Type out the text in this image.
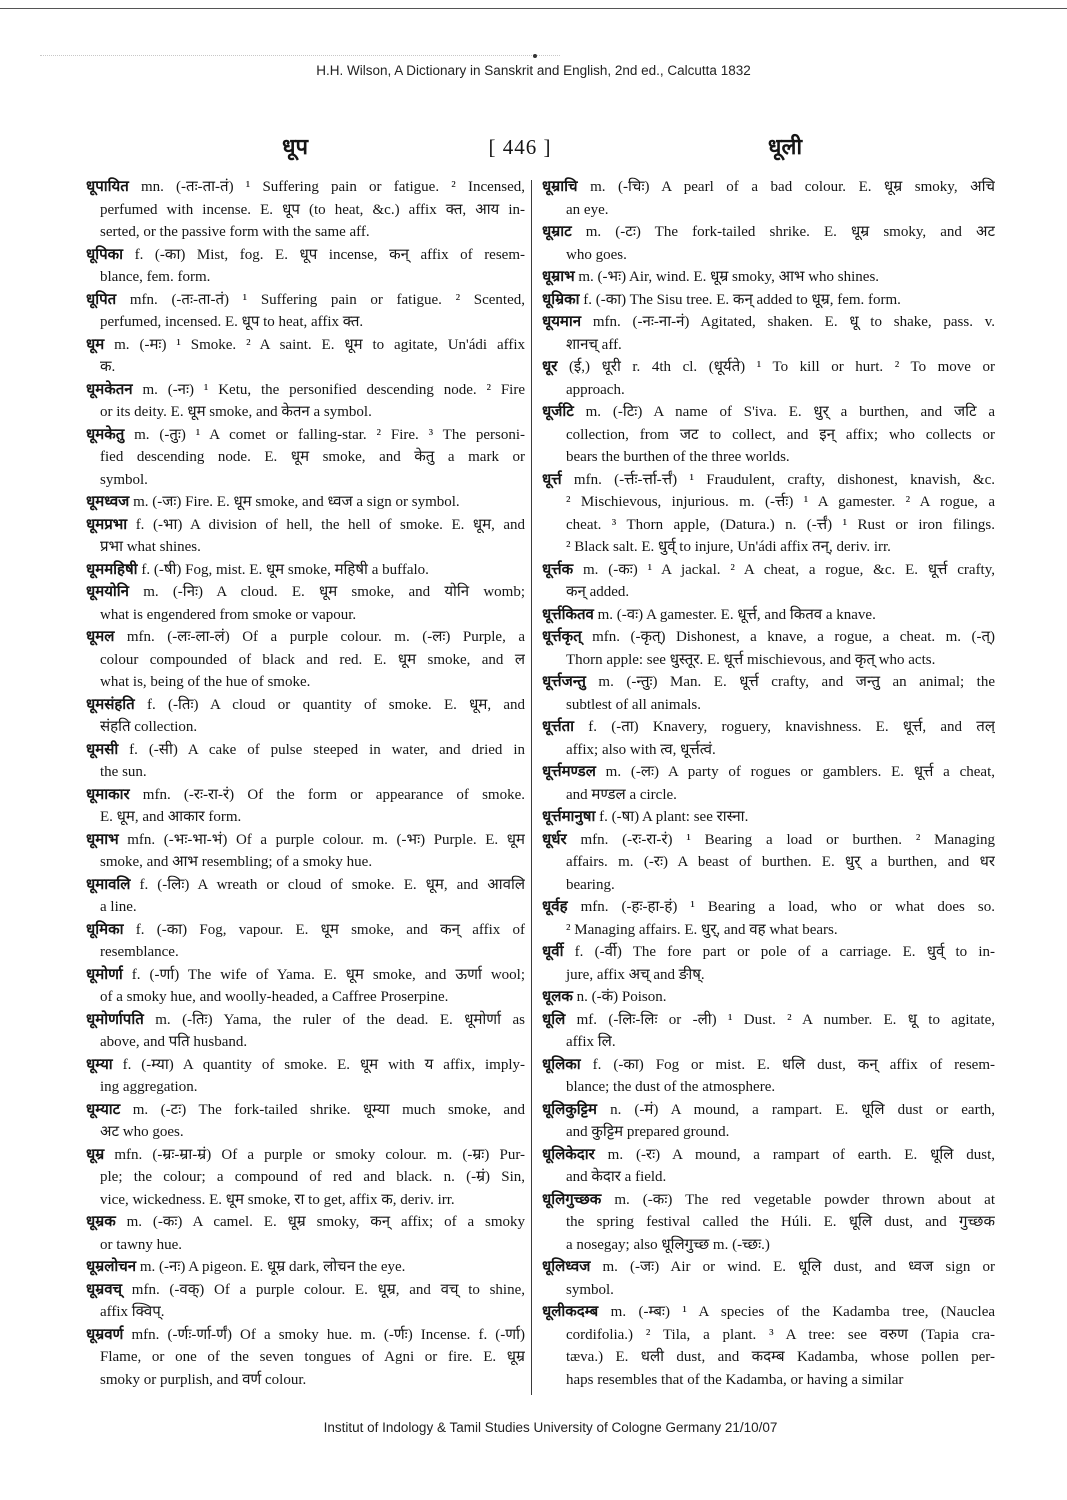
H.H. Wilson, A Dictionary in Sanskrit and English, 2nd ed., Calcutta 1832
धूप	[ 446 ]	धूली
धूपायित mn. (-तः-ता-तं) ¹ Suffering pain or fatigue. ² Incensed,
perfumed with incense. E. धूप (to heat, &c.) affix क्त, आय in-
serted, or the passive form with the same aff.
धूपिका f. (-का) Mist, fog. E. धूप incense, कन् affix of resem-
blance, fem. form.
धूपित mfn. (-तः-ता-तं) ¹ Suffering pain or fatigue. ² Scented,
perfumed, incensed. E. धूप to heat, affix क्त.
धूम m. (-मः) ¹ Smoke. ² A saint. E. धूम to agitate, Un'ádi affix
क.
धूमकेतन m. (-नः) ¹ Ketu, the personified descending node. ² Fire
or its deity. E. धूम smoke, and केतन a symbol.
धूमकेतु m. (-तुः) ¹ A comet or falling-star. ² Fire. ³ The personi-
fied descending node. E. धूम smoke, and केतु a mark or
symbol.
धूमध्वज m. (-जः) Fire. E. धूम smoke, and ध्वज a sign or symbol.
धूमप्रभा f. (-भा) A division of hell, the hell of smoke. E. धूम, and
प्रभा what shines.
धूममहिषी f. (-षी) Fog, mist. E. धूम smoke, महिषी a buffalo.
धूमयोनि m. (-निः) A cloud. E. धूम smoke, and योनि womb;
what is engendered from smoke or vapour.
धूमल mfn. (-लः-ला-लं) Of a purple colour. m. (-लः) Purple, a
colour compounded of black and red. E. धूम smoke, and ल
what is, being of the hue of smoke.
धूमसंहति f. (-तिः) A cloud or quantity of smoke. E. धूम, and
संहति collection.
धूमसी f. (-सी) A cake of pulse steeped in water, and dried in
the sun.
धूमाकार mfn. (-रः-रा-रं) Of the form or appearance of smoke.
E. धूम, and आकार form.
धूमाभ mfn. (-भः-भा-भं) Of a purple colour. m. (-भः) Purple. E. धूम
smoke, and आभ resembling; of a smoky hue.
धूमावलि f. (-लिः) A wreath or cloud of smoke. E. धूम, and आवलि
a line.
धूमिका f. (-का) Fog, vapour. E. धूम smoke, and कन् affix of
resemblance.
धूमोर्णा f. (-र्णा) The wife of Yama. E. धूम smoke, and ऊर्णा wool;
of a smoky hue, and woolly-headed, a Caffree Proserpine.
धूमोर्णापति m. (-तिः) Yama, the ruler of the dead. E. धूमोर्णा as
above, and पति husband.
धूम्या f. (-म्या) A quantity of smoke. E. धूम with य affix, imply-
ing aggregation.
धूम्याट m. (-टः) The fork-tailed shrike. धूम्या much smoke, and
अट who goes.
धूम्र mfn. (-म्रः-म्रा-म्रं) Of a purple or smoky colour. m. (-म्रः) Pur-
ple; the colour; a compound of red and black. n. (-म्रं) Sin,
vice, wickedness. E. धूम smoke, रा to get, affix क, deriv. irr.
धूम्रक m. (-कः) A camel. E. धूम्र smoky, कन् affix; of a smoky
or tawny hue.
धूम्रलोचन m. (-नः) A pigeon. E. धूम्र dark, लोचन the eye.
धूम्रवच् mfn. (-वक्) Of a purple colour. E. धूम्र, and वच् to shine,
affix क्विप्.
धूम्रवर्ण mfn. (-र्णः-र्णा-र्णं) Of a smoky hue. m. (-र्णः) Incense. f. (-र्णा)
Flame, or one of the seven tongues of Agni or fire. E. धूम्र
smoky or purplish, and वर्ण colour.
धूम्राचि m. (-चिः) A pearl of a bad colour. E. धूम्र smoky, अचि
an eye.
धूम्राट m. (-टः) The fork-tailed shrike. E. धूम्र smoky, and अट
who goes.
धूम्राभ m. (-भः) Air, wind. E. धूम्र smoky, आभ who shines.
धूम्रिका f. (-का) The Sisu tree. E. कन् added to धूम्र, fem. form.
धूयमान mfn. (-नः-ना-नं) Agitated, shaken. E. धू to shake, pass. v.
शानच् aff.
धूर (ई,) धूरी r. 4th cl. (धूर्यते) ¹ To kill or hurt. ² To move or
approach.
धूर्जटि m. (-टिः) A name of S'iva. E. धुर् a burthen, and जटि a
collection, from जट to collect, and इन् affix; who collects or
bears the burthen of the three worlds.
धूर्त्त mfn. (-र्त्तः-र्त्ता-र्त्तं) ¹ Fraudulent, crafty, dishonest, knavish, &c.
² Mischievous, injurious. m. (-र्त्तः) ¹ A gamester. ² A rogue, a
cheat. ³ Thorn apple, (Datura.) n. (-र्त्तं) ¹ Rust or iron filings.
² Black salt. E. धुर्व् to injure, Un'ádi affix तन्, deriv. irr.
धूर्त्तक m. (-कः) ¹ A jackal. ² A cheat, a rogue, &c. E. धूर्त्त crafty,
कन् added.
धूर्त्तकितव m. (-वः) A gamester. E. धूर्त्त, and कितव a knave.
धूर्त्तकृत् mfn. (-कृत्) Dishonest, a knave, a rogue, a cheat. m. (-त्)
Thorn apple: see धुस्तूर. E. धूर्त्त mischievous, and कृत् who acts.
धूर्त्तजन्तु m. (-न्तुः) Man. E. धूर्त्त crafty, and जन्तु an animal; the
subtlest of all animals.
धूर्त्तता f. (-ता) Knavery, roguery, knavishness. E. धूर्त्त, and तल्
affix; also with त्व, धूर्त्तत्वं.
धूर्त्तमण्डल m. (-लः) A party of rogues or gamblers. E. धूर्त्त a cheat,
and मण्डल a circle.
धूर्त्तमानुषा f. (-षा) A plant: see रास्ना.
धूर्धर mfn. (-रः-रा-रं) ¹ Bearing a load or burthen. ² Managing
affairs. m. (-रः) A beast of burthen. E. धुर् a burthen, and धर
bearing.
धूर्वह mfn. (-हः-हा-हं) ¹ Bearing a load, who or what does so.
² Managing affairs. E. धुर्, and वह what bears.
धूर्वी f. (-र्वी) The fore part or pole of a carriage. E. धुर्व् to in-
jure, affix अच् and ङीष्.
धूलक n. (-कं) Poison.
धूलि mf. (-लिः-लिः or -ली) ¹ Dust. ² A number. E. धू to agitate,
affix लि.
धूलिका f. (-का) Fog or mist. E. धलि dust, कन् affix of resem-
blance; the dust of the atmosphere.
धूलिकुट्टिम n. (-मं) A mound, a rampart. E. धूलि dust or earth,
and कुट्टिम prepared ground.
धूलिकेदार m. (-रः) A mound, a rampart of earth. E. धूलि dust,
and केदार a field.
धूलिगुच्छक m. (-कः) The red vegetable powder thrown about at
the spring festival called the Húli. E. धूलि dust, and गुच्छक
a nosegay; also धूलिगुच्छ m. (-च्छः.)
धूलिध्वज m. (-जः) Air or wind. E. धूलि dust, and ध्वज sign or
symbol.
धूलीकदम्ब m. (-म्बः) ¹ A species of the Kadamba tree, (Nauclea
cordifolia.) ² Tila, a plant. ³ A tree: see वरुण (Tapia cra-
tæva.) E. धली dust, and कदम्ब Kadamba, whose pollen per-
haps resembles that of the Kadamba, or having a similar
Institut of Indology & Tamil Studies University of Cologne Germany 21/10/07
